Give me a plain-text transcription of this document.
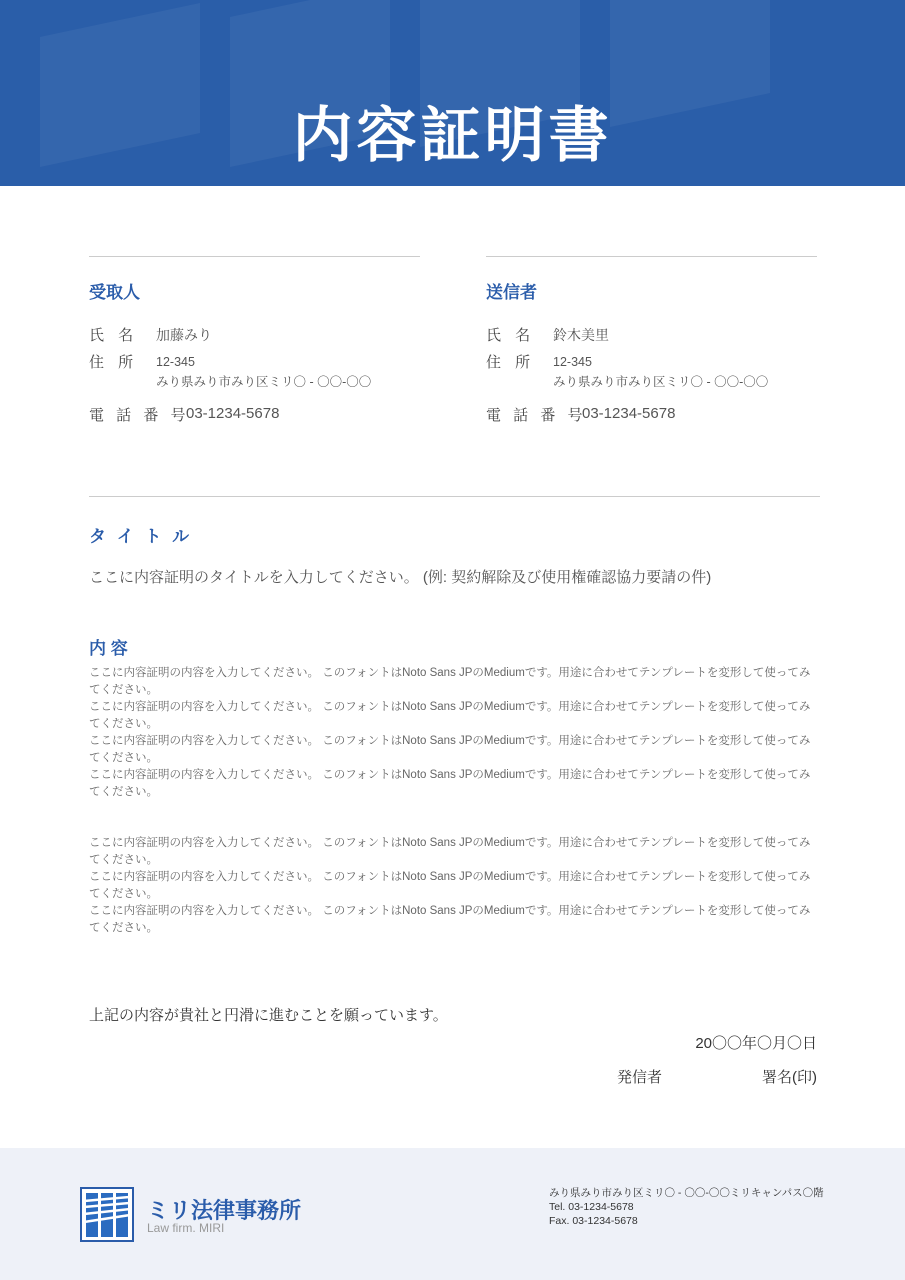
内容証明書
受取人
氏 名 加藤みり
住 所 12-345
みり県みり市みり区ミリ〇 - 〇〇-〇〇
電 話 番 号
03-1234-5678
送信者
氏 名 鈴木美里
住 所 12-345
みり県みり市みり区ミリ〇 - 〇〇-〇〇
電 話 番 号
03-1234-5678
タ イ ト ル
ここに内容証明のタイトルを入力してください。 (例: 契約解除及び使用権確認協力要請の件)
内 容

ここに内容証明の内容を入力してください。 このフォントはNoto Sans JPのMediumです。用途に合わせてテンプレートを変形して使ってみてください。

ここに内容証明の内容を入力してください。 このフォントはNoto Sans JPのMediumです。用途に合わせてテンプレートを変形して使ってみてください。

ここに内容証明の内容を入力してください。 このフォントはNoto Sans JPのMediumです。用途に合わせてテンプレートを変形して使ってみてください。

ここに内容証明の内容を入力してください。 このフォントはNoto Sans JPのMediumです。用途に合わせてテンプレートを変形して使ってみてください。

ここに内容証明の内容を入力してください。 このフォントはNoto Sans JPのMediumです。用途に合わせてテンプレートを変形して使ってみてください。

ここに内容証明の内容を入力してください。 このフォントはNoto Sans JPのMediumです。用途に合わせてテンプレートを変形して使ってみてください。

ここに内容証明の内容を入力してください。 このフォントはNoto Sans JPのMediumです。用途に合わせてテンプレートを変形して使ってみてください。

上記の内容が貴社と円滑に進むことを願っています。
20〇〇年〇月〇日
発信者	署名(印)
ミリ法律事務所
Law firm. MIRI
みり県みり市みり区ミリ〇 - 〇〇-〇〇ミリキャンパス〇階
Tel. 03-1234-5678
Fax. 03-1234-5678
